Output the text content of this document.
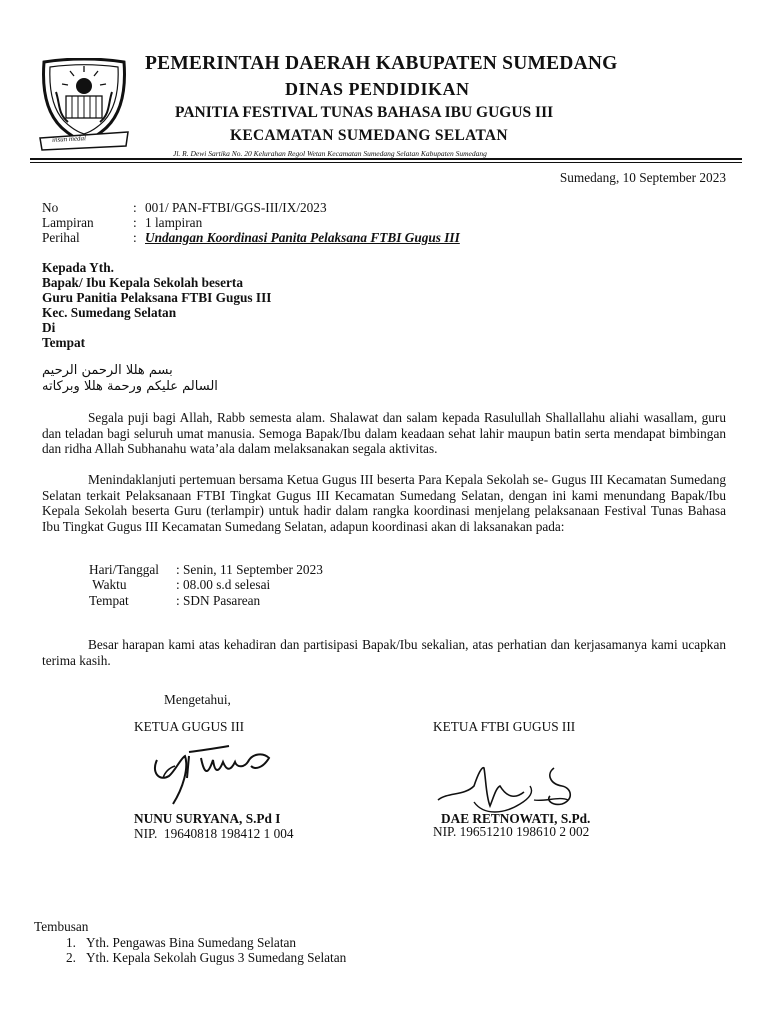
insun medal
PEMERINTAH DAERAH KABUPATEN SUMEDANG
DINAS PENDIDIKAN
PANITIA FESTIVAL TUNAS BAHASA IBU GUGUS III
KECAMATAN SUMEDANG SELATAN
Jl. R. Dewi Sartika No. 20 Kelurahan Regol Wetan Kecamatan Sumedang Selatan Kabupaten Sumedang
Sumedang, 10 September 2023
No	: 001/ PAN-FTBI/GGS-III/IX/2023
Lampiran	: 1 lampiran
Perihal	: Undangan Koordinasi Panita Pelaksana FTBI Gugus III
Kepada Yth.
Bapak/ Ibu Kepala Sekolah beserta
Guru Panitia Pelaksana FTBI Gugus III
Kec. Sumedang Selatan
Di
Tempat
بسم هللا الرحمن الرحيم
السالم عليكم ورحمة هللا وبركاته
Segala puji bagi Allah, Rabb semesta alam. Shalawat dan salam kepada Rasulullah Shallallahu aliahi wasallam, guru dan teladan bagi seluruh umat manusia. Semoga Bapak/Ibu dalam keadaan sehat lahir maupun batin serta mendapat bimbingan dan ridha Allah Subhanahu wata’ala dalam melaksanakan segala aktivitas.
Menindaklanjuti pertemuan bersama Ketua Gugus III beserta Para Kepala Sekolah se- Gugus III Kecamatan Sumedang Selatan terkait Pelaksanaan FTBI Tingkat Gugus III Kecamatan Sumedang Selatan, dengan ini kami menundang Bapak/Ibu Kepala Sekolah beserta Guru (terlampir) untuk hadir dalam rangka koordinasi menjelang pelaksanaan Festival Tunas Bahasa Ibu Tingkat Gugus III Kecamatan Sumedang Selatan, adapun koordinasi akan di laksanakan pada:
Hari/Tanggal : Senin, 11 September 2023
Waktu	: 08.00 s.d selesai
Tempat	: SDN Pasarean
Besar harapan kami atas kehadiran dan partisipasi Bapak/Ibu sekalian, atas perhatian dan kerjasamanya kami ucapkan terima kasih.
Mengetahui,
KETUA GUGUS III
NUNU SURYANA, S.Pd I
NIP.  19640818 198412 1 004
KETUA FTBI GUGUS III
DAE RETNOWATI, S.Pd.
NIP. 19651210 198610 2 002
Tembusan
1.   Yth. Pengawas Bina Sumedang Selatan
2.   Yth. Kepala Sekolah Gugus 3 Sumedang Selatan
